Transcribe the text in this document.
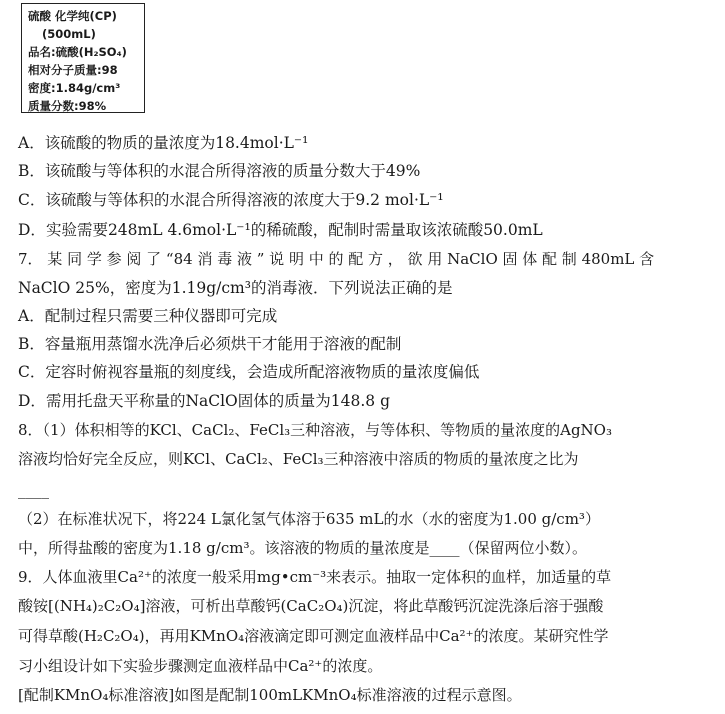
硫酸 化学纯(CP)
(500mL)
品名:硫酸(H₂SO₄)
相对分子质量:98
密度:1.84g/cm³
质量分数:98%
A．该硫酸的物质的量浓度为18.4mol·L⁻¹
B．该硫酸与等体积的水混合所得溶液的质量分数大于49%
C．该硫酸与等体积的水混合所得溶液的浓度大于9.2 mol·L⁻¹
D．实验需要248mL 4.6mol·L⁻¹的稀硫酸，配制时需量取该浓硫酸50.0mL
7． 某 同 学 参 阅 了 “84 消 毒 液 ” 说 明 中 的 配 方 ， 欲 用 NaClO 固 体 配 制 480mL 含
NaClO 25%，密度为1.19g/cm³的消毒液．下列说法正确的是
A．配制过程只需要三种仪器即可完成
B．容量瓶用蒸馏水洗净后必须烘干才能用于溶液的配制
C．定容时俯视容量瓶的刻度线，会造成所配溶液物质的量浓度偏低
D．需用托盘天平称量的NaClO固体的质量为148.8 g
8．（1）体积相等的KCl、CaCl₂、FeCl₃三种溶液，与等体积、等物质的量浓度的AgNO₃
溶液均恰好完全反应，则KCl、CaCl₂、FeCl₃三种溶液中溶质的物质的量浓度之比为
____
（2）在标准状况下，将224 L氯化氢气体溶于635 mL的水（水的密度为1.00 g/cm³）
中，所得盐酸的密度为1.18 g/cm³。该溶液的物质的量浓度是____（保留两位小数）。
9．人体血液里Ca²⁺的浓度一般采用mg•cm⁻³来表示。抽取一定体积的血样，加适量的草
酸铵[(NH₄)₂C₂O₄]溶液，可析出草酸钙(CaC₂O₄)沉淀，将此草酸钙沉淀洗涤后溶于强酸
可得草酸(H₂C₂O₄)，再用KMnO₄溶液滴定即可测定血液样品中Ca²⁺的浓度。某研究性学
习小组设计如下实验步骤测定血液样品中Ca²⁺的浓度。
[配制KMnO₄标准溶液]如图是配制100mLKMnO₄标准溶液的过程示意图。
